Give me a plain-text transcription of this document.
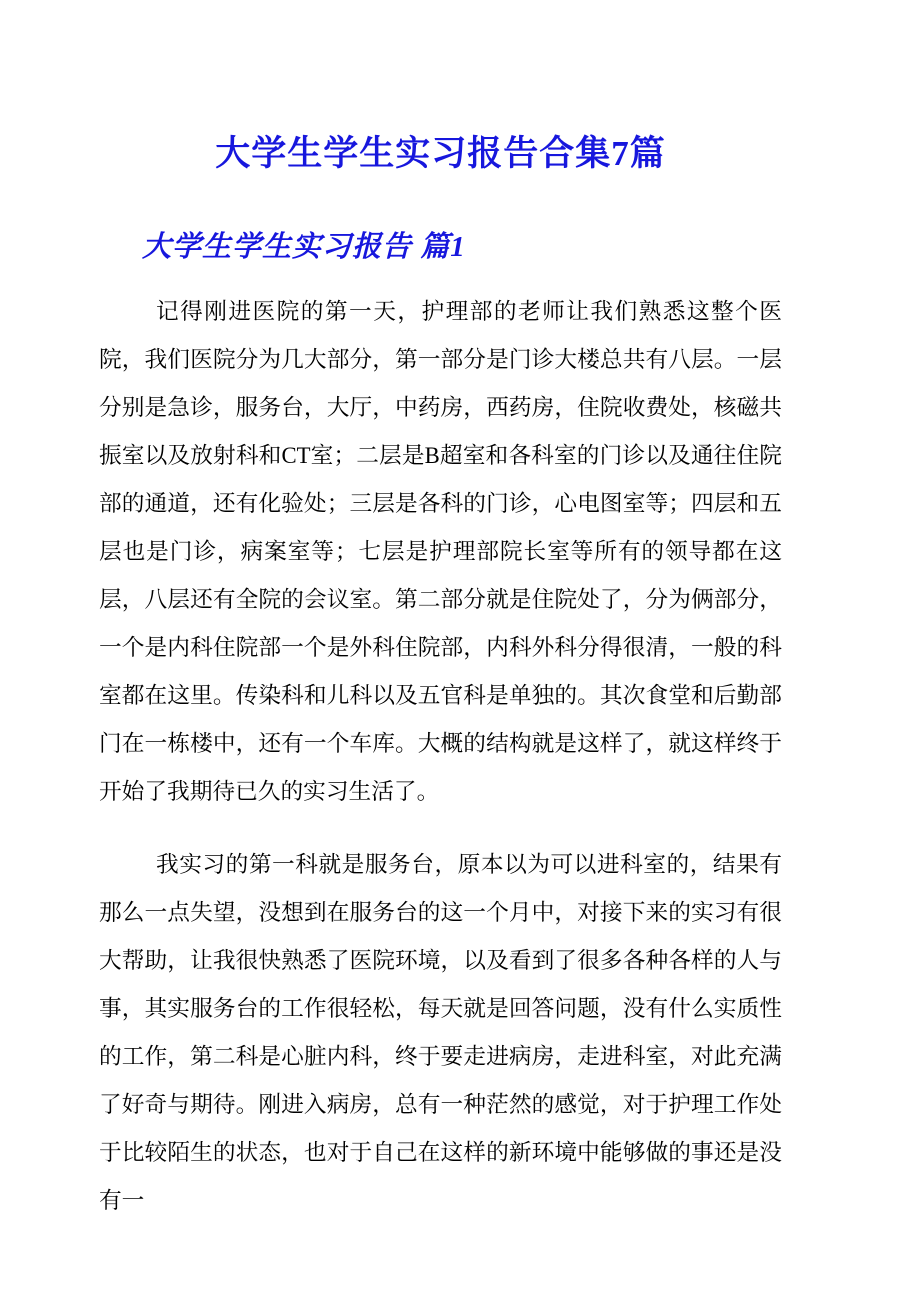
大学生学生实习报告合集7篇
大学生学生实习报告 篇1

记得刚进医院的第一天，护理部的老师让我们熟悉这整个医院，我们医院分为几大部分，第一部分是门诊大楼总共有八层。一层分别是急诊，服务台，大厅，中药房，西药房，住院收费处，核磁共振室以及放射科和CT室；二层是B超室和各科室的门诊以及通往住院部的通道，还有化验处；三层是各科的门诊，心电图室等；四层和五层也是门诊，病案室等；七层是护理部院长室等所有的领导都在这层，八层还有全院的会议室。第二部分就是住院处了，分为俩部分，一个是内科住院部一个是外科住院部，内科外科分得很清，一般的科室都在这里。传染科和儿科以及五官科是单独的。其次食堂和后勤部门在一栋楼中，还有一个车库。大概的结构就是这样了，就这样终于开始了我期待已久的实习生活了。

我实习的第一科就是服务台，原本以为可以进科室的，结果有那么一点失望，没想到在服务台的这一个月中，对接下来的实习有很大帮助，让我很快熟悉了医院环境，以及看到了很多各种各样的人与事，其实服务台的工作很轻松，每天就是回答问题，没有什么实质性的工作，第二科是心脏内科，终于要走进病房，走进科室，对此充满了好奇与期待。刚进入病房，总有一种茫然的感觉，对于护理工作处于比较陌生的状态，也对于自己在这样的新环境中能够做的事还是没有一
